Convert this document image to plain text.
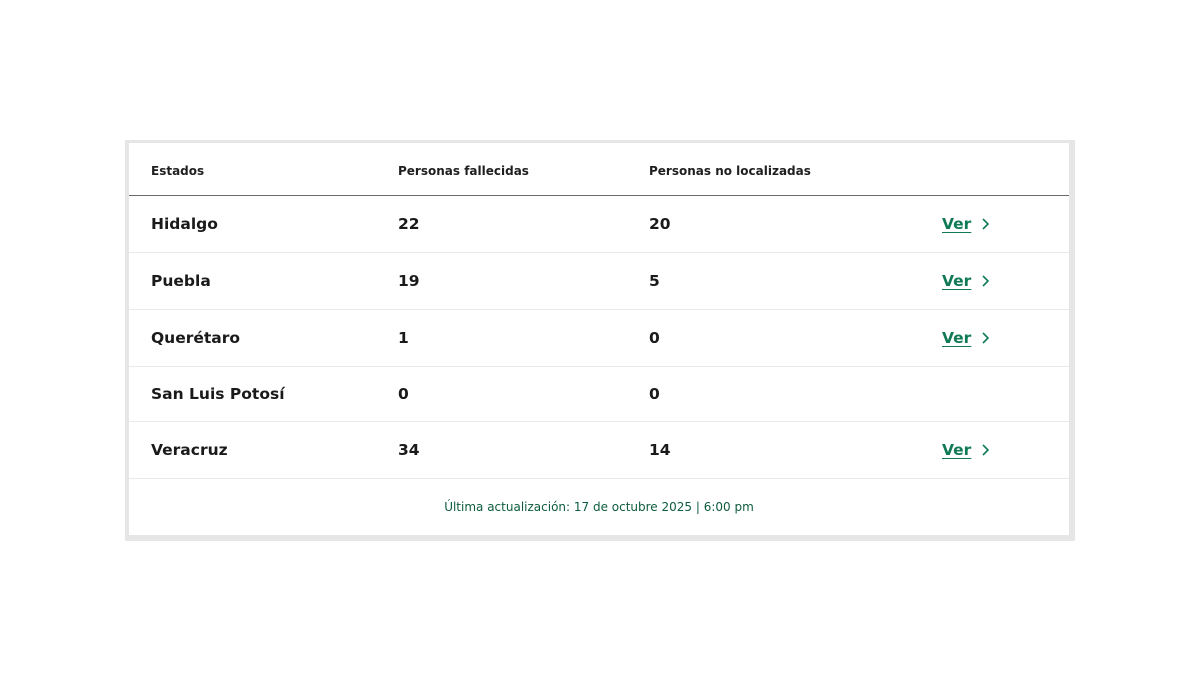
Estados	Personas fallecidas	Personas no localizadas
Hidalgo	22	20	Ver
Puebla	19	5	Ver
Querétaro	1	0	Ver
San Luis Potosí	0	0
Veracruz	34	14	Ver
Última actualización: 17 de octubre 2025 | 6:00 pm
